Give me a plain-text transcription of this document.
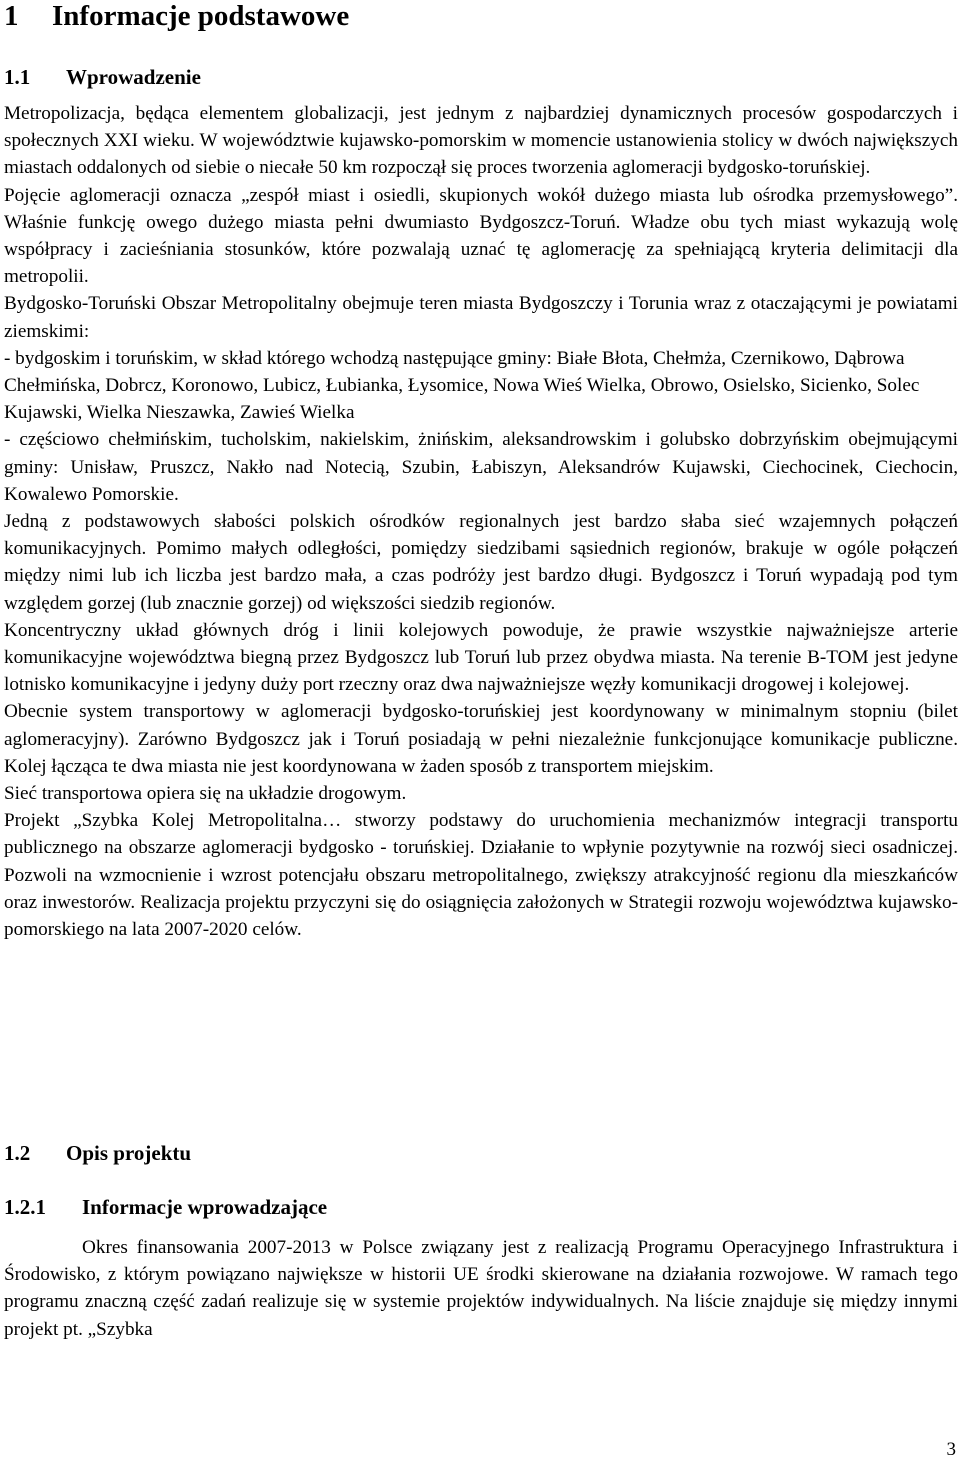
1 Informacje podstawowe
1.1 Wprowadzenie

Metropolizacja, będąca elementem globalizacji, jest jednym z najbardziej dynamicznych procesów gospodarczych i społecznych XXI wieku. W województwie kujawsko-pomorskim w momencie ustanowienia stolicy w dwóch największych miastach oddalonych od siebie o niecałe 50 km rozpoczął się proces tworzenia aglomeracji bydgosko-toruńskiej.

Pojęcie aglomeracji oznacza „zespół miast i osiedli, skupionych wokół dużego miasta lub ośrodka przemysłowego”. Właśnie funkcję owego dużego miasta pełni dwumiasto Bydgoszcz-Toruń. Władze obu tych miast wykazują wolę współpracy i zacieśniania stosunków, które pozwalają uznać tę aglomerację za spełniającą kryteria delimitacji dla metropolii.

Bydgosko-Toruński Obszar Metropolitalny obejmuje teren miasta Bydgoszczy i Torunia wraz z otaczającymi je powiatami ziemskimi:

- bydgoskim i toruńskim, w skład którego wchodzą następujące gminy: Białe Błota, Chełmża, Czernikowo, Dąbrowa Chełmińska, Dobrcz, Koronowo, Lubicz, Łubianka, Łysomice, Nowa Wieś Wielka, Obrowo, Osielsko, Sicienko, Solec Kujawski, Wielka Nieszawka, Zawieś Wielka

- częściowo chełmińskim, tucholskim, nakielskim, żnińskim, aleksandrowskim i golubsko dobrzyńskim obejmującymi gminy: Unisław, Pruszcz, Nakło nad Notecią, Szubin, Łabiszyn, Aleksandrów Kujawski, Ciechocinek, Ciechocin, Kowalewo Pomorskie.

Jedną z podstawowych słabości polskich ośrodków regionalnych jest bardzo słaba sieć wzajemnych połączeń komunikacyjnych. Pomimo małych odległości, pomiędzy siedzibami sąsiednich regionów, brakuje w ogóle połączeń między nimi lub ich liczba jest bardzo mała, a czas podróży jest bardzo długi. Bydgoszcz i Toruń wypadają pod tym względem gorzej (lub znacznie gorzej) od większości siedzib regionów.

Koncentryczny układ głównych dróg i linii kolejowych powoduje, że prawie wszystkie najważniejsze arterie komunikacyjne województwa biegną przez Bydgoszcz lub Toruń lub przez obydwa miasta. Na terenie B-TOM jest jedyne lotnisko komunikacyjne i jedyny duży port rzeczny oraz dwa najważniejsze węzły komunikacji drogowej i kolejowej.

Obecnie system transportowy w aglomeracji bydgosko-toruńskiej jest koordynowany w minimalnym stopniu (bilet aglomeracyjny). Zarówno Bydgoszcz jak i Toruń posiadają w pełni niezależnie funkcjonujące komunikacje publiczne. Kolej łącząca te dwa miasta nie jest koordynowana w żaden sposób z transportem miejskim.

Sieć transportowa opiera się na układzie drogowym.

Projekt „Szybka Kolej Metropolitalna… stworzy podstawy do uruchomienia mechanizmów integracji transportu publicznego na obszarze aglomeracji bydgosko - toruńskiej. Działanie to wpłynie pozytywnie na rozwój sieci osadniczej. Pozwoli na wzmocnienie i wzrost potencjału obszaru metropolitalnego, zwiększy atrakcyjność regionu dla mieszkańców oraz inwestorów. Realizacja projektu przyczyni się do osiągnięcia założonych w Strategii rozwoju województwa kujawsko-pomorskiego na lata 2007-2020 celów.

1.2 Opis projektu
1.2.1 Informacje wprowadzające

Okres finansowania 2007-2013 w Polsce związany jest z realizacją Programu Operacyjnego Infrastruktura i Środowisko, z którym powiązano największe w historii UE środki skierowane na działania rozwojowe. W ramach tego programu znaczną część zadań realizuje się w systemie projektów indywidualnych. Na liście znajduje się między innymi projekt pt. „Szybka

3
